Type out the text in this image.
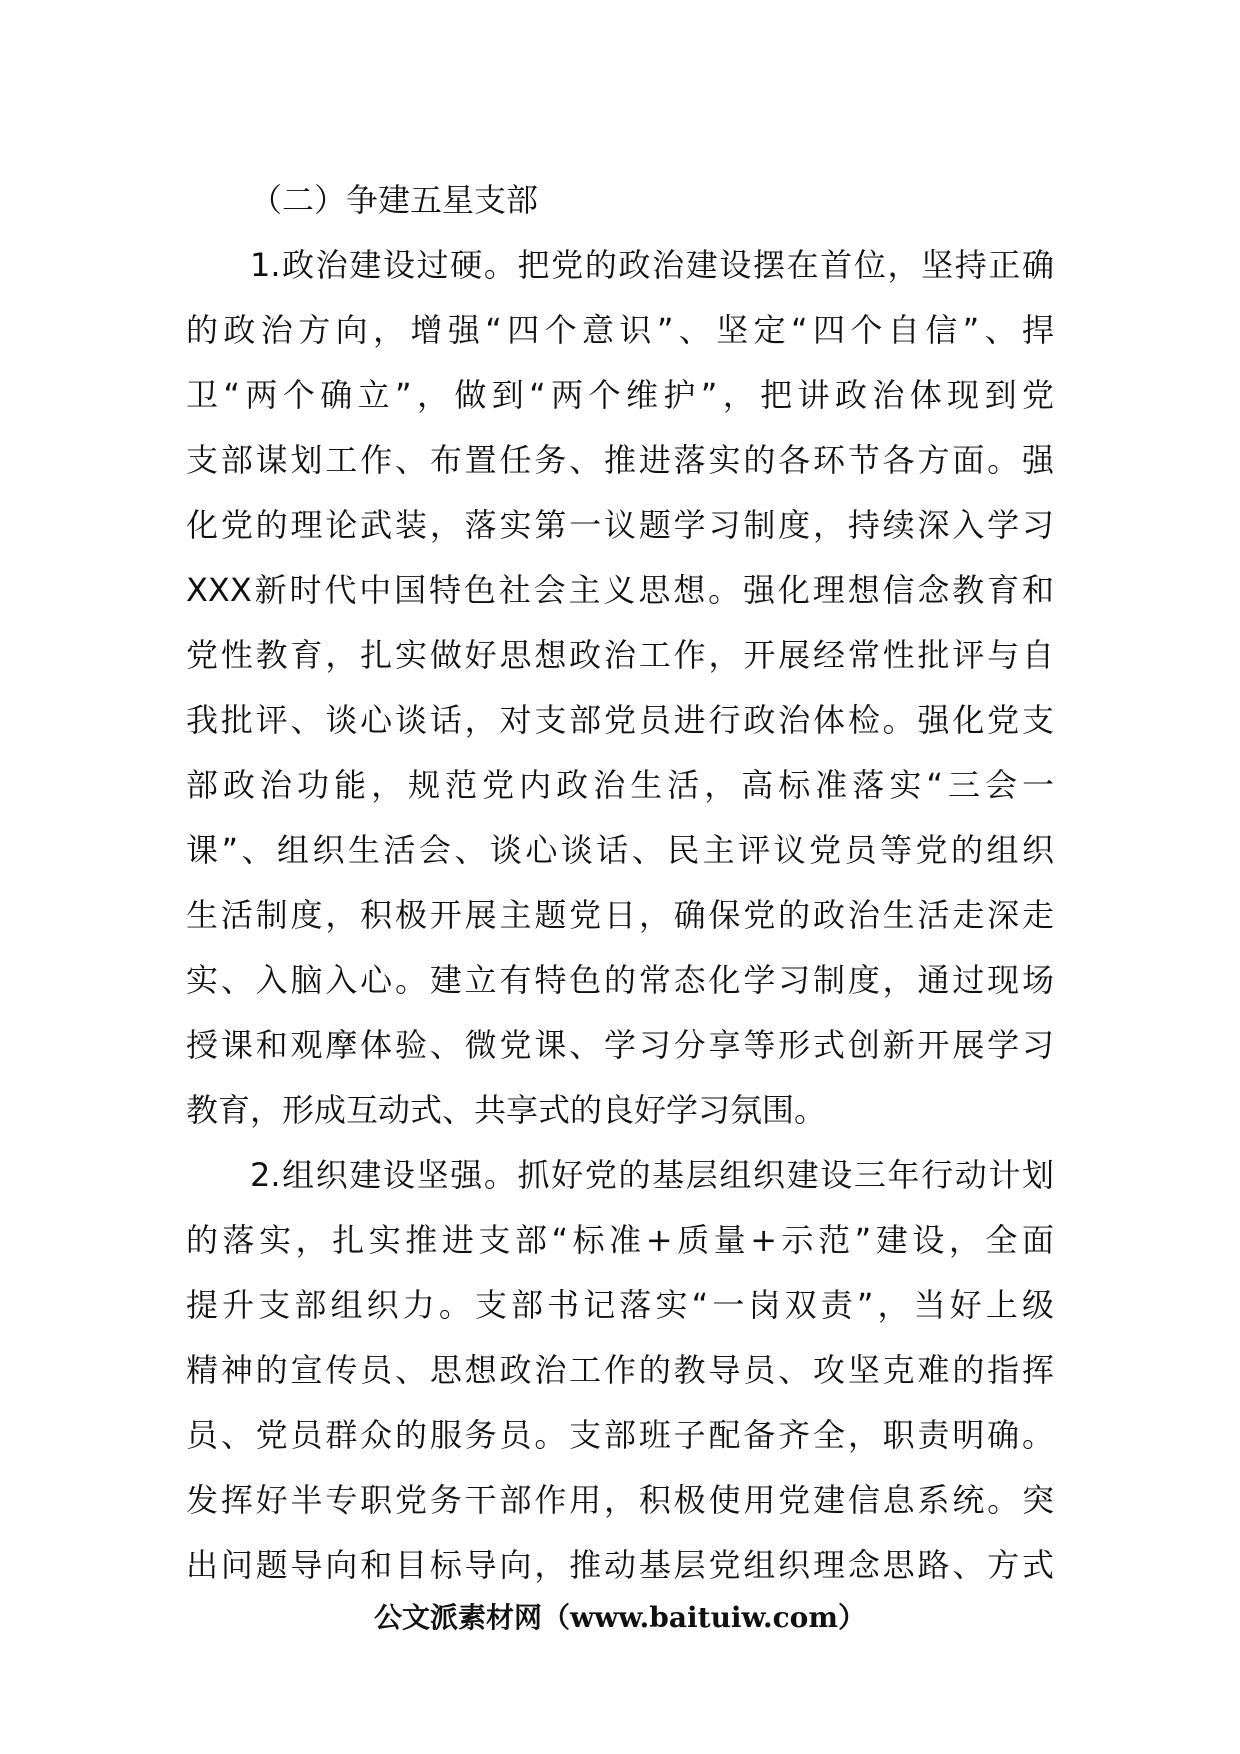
（二）争建五星支部
1.政治建设过硬。把党的政治建设摆在首位，坚持正确
的政治方向，增强“四个意识”、坚定“四个自信”、捍
卫“两个确立”，做到“两个维护”，把讲政治体现到党
支部谋划工作、布置任务、推进落实的各环节各方面。强
化党的理论武装，落实第一议题学习制度，持续深入学习
XXX新时代中国特色社会主义思想。强化理想信念教育和
党性教育，扎实做好思想政治工作，开展经常性批评与自
我批评、谈心谈话，对支部党员进行政治体检。强化党支
部政治功能，规范党内政治生活，高标准落实“三会一
课”、组织生活会、谈心谈话、民主评议党员等党的组织
生活制度，积极开展主题党日，确保党的政治生活走深走
实、入脑入心。建立有特色的常态化学习制度，通过现场
授课和观摩体验、微党课、学习分享等形式创新开展学习
教育，形成互动式、共享式的良好学习氛围。
2.组织建设坚强。抓好党的基层组织建设三年行动计划
的落实，扎实推进支部“标准+质量+示范”建设，全面
提升支部组织力。支部书记落实“一岗双责”，当好上级
精神的宣传员、思想政治工作的教导员、攻坚克难的指挥
员、党员群众的服务员。支部班子配备齐全，职责明确。
发挥好半专职党务干部作用，积极使用党建信息系统。突
出问题导向和目标导向，推动基层党组织理念思路、方式
公文派素材网（www.baituiw.com）
